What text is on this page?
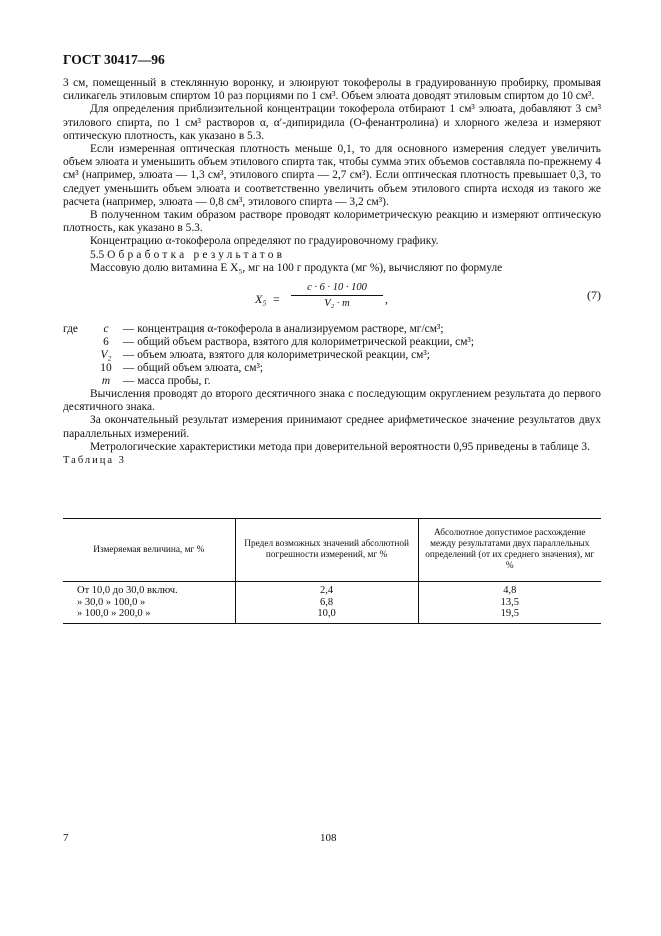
ГОСТ 30417—96

3 см, помещенный в стеклянную воронку, и элюируют токоферолы в градуированную пробирку, промывая силикагель этиловым спиртом 10 раз порциями по 1 см³. Объем элюата доводят этиловым спиртом до 10 см³.

Для определения приблизительной концентрации токоферола отбирают 1 см³ элюата, добавляют 3 см³ этилового спирта, по 1 см³ растворов α, α′-дипиридила (O-фенантролина) и хлорного железа и измеряют оптическую плотность, как указано в 5.3.

Если измеренная оптическая плотность меньше 0,1, то для основного измерения следует увеличить объем элюата и уменьшить объем этилового спирта так, чтобы сумма этих объемов составляла по-прежнему 4 см³ (например, элюата — 1,3 см³, этилового спирта — 2,7 см³). Если оптическая плотность превышает 0,3, то следует уменьшить объем элюата и соответственно увеличить объем этилового спирта исходя из такого же расчета (например, элюата — 0,8 см³, этилового спирта — 3,2 см³).

В полученном таким образом растворе проводят колориметрическую реакцию и измеряют оптическую плотность, как указано в 5.3.

Концентрацию α-токоферола определяют по градуировочному графику.

5.5 Обработка результатов

Массовую долю витамина E X₅, мг на 100 г продукта (мг %), вычисляют по формуле

$X_5 = \frac{c \cdot 6 \cdot 10 \cdot 100}{\text{V₂ · m}}$ ,	(7)
где	c	— концентрация α-токоферола в анализируемом растворе, мг/см³;
6	— общий объем раствора, взятого для колориметрической реакции, см³;
V₂	— объем элюата, взятого для колориметрической реакции, см³;
10 — общий объем элюата, см³;
m	— масса пробы, г.

Вычисления проводят до второго десятичного знака с последующим округлением результата до первого десятичного знака.

За окончательный результат измерения принимают среднее арифметическое значение результатов двух параллельных измерений.

Метрологические характеристики метода при доверительной вероятности 0,95 приведены в таблице 3.

Таблица 3

Измеряемая величина, мг %	Предел возможных значений абсолютной погрешности измерений, мг %	Абсолютное допустимое расхождение между результатами двух параллельных определений (от их среднего значения), мг %
От 10,0 до 30,0 включ.	2,4	4,8
» 30,0 » 100,0 »	6,8	13,5
» 100,0 » 200,0 »	10,0	19,5
7	108
